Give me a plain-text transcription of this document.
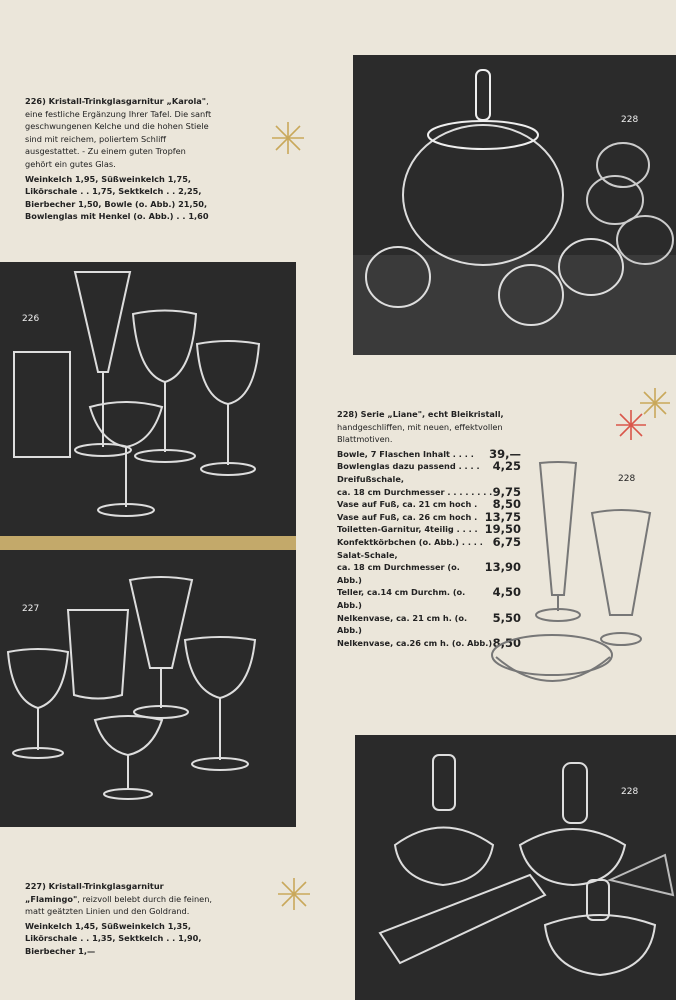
226) Kristall-Trinkglasgarnitur „Karola", eine festliche Ergänzung Ihrer Tafel. Die sanft geschwungenen Kelche und die hohen Stiele sind mit reichem, poliertem Schliff ausgestattet. - Zu einem guten Tropfen gehört ein gutes Glas.
Weinkelch 1,95, Süßweinkelch 1,75,
Likörschale . . 1,75, Sektkelch . . 2,25,
Bierbecher 1,50, Bowle (o. Abb.) 21,50,
Bowlenglas mit Henkel (o. Abb.) . . 1,60
228
226
227
228) Serie „Liane", echt Bleikristall, handgeschliffen, mit neuen, effektvollen Blattmotiven.
Bowle, 7 Flaschen Inhalt . . . . 39,—
Bowlenglas dazu passend . . . . 4,25
Dreifußschale,
ca. 18 cm Durchmesser . . . . . . . . 9,75
Vase auf Fuß, ca. 21 cm hoch . 8,50
Vase auf Fuß, ca. 26 cm hoch . 13,75
Toiletten-Garnitur, 4teilig . . . . 19,50
Konfektkörbchen (o. Abb.) . . . . 6,75
Salat-Schale,
ca. 18 cm Durchmesser (o. Abb.)
13,90
Teller, ca.14 cm Durchm. (o. Abb.)
4,50
Nelkenvase, ca. 21 cm h. (o. Abb.)
5,50
Nelkenvase, ca.26 cm h. (o. Abb.) 8,50
228
228
227) Kristall-Trinkglasgarnitur „Flamingo", reizvoll belebt durch die feinen, matt geätzten Linien und den Goldrand.
Weinkelch 1,45, Süßweinkelch 1,35,
Likörschale . . 1,35, Sektkelch . . 1,90,
Bierbecher 1,—
